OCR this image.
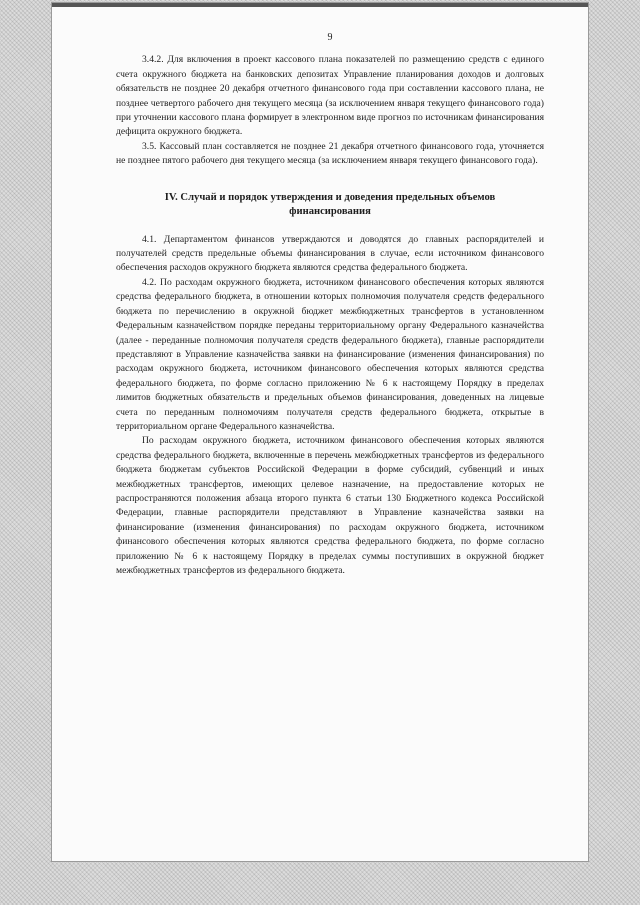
9

3.4.2. Для включения в проект кассового плана показателей по размещению средств с единого счета окружного бюджета на банковских депозитах Управление планирования доходов и долговых обязательств не позднее 20 декабря отчетного финансового года при составлении кассового плана, не позднее четвертого рабочего дня текущего месяца (за исключением января текущего финансового года) при уточнении кассового плана формирует в электронном виде прогноз по источникам финансирования дефицита окружного бюджета.

3.5. Кассовый план составляется не позднее 21 декабря отчетного финансового года, уточняется не позднее пятого рабочего дня текущего месяца (за исключением января текущего финансового года).

IV. Случай и порядок утверждения и доведения предельных объемов финансирования

4.1. Департаментом финансов утверждаются и доводятся до главных распорядителей и получателей средств предельные объемы финансирования в случае, если источником финансового обеспечения расходов окружного бюджета являются средства федерального бюджета.

4.2. По расходам окружного бюджета, источником финансового обеспечения которых являются средства федерального бюджета, в отношении которых полномочия получателя средств федерального бюджета по перечислению в окружной бюджет межбюджетных трансфертов в установленном Федеральным казначейством порядке переданы территориальному органу Федерального казначейства (далее - переданные полномочия получателя средств федерального бюджета), главные распорядители представляют в Управление казначейства заявки на финансирование (изменения финансирования) по расходам окружного бюджета, источником финансового обеспечения которых являются средства федерального бюджета, по форме согласно приложению № 6 к настоящему Порядку в пределах лимитов бюджетных обязательств и предельных объемов финансирования, доведенных на лицевые счета по переданным полномочиям получателя средств федерального бюджета, открытые в территориальном органе Федерального казначейства.

По расходам окружного бюджета, источником финансового обеспечения которых являются средства федерального бюджета, включенные в перечень межбюджетных трансфертов из федерального бюджета бюджетам субъектов Российской Федерации в форме субсидий, субвенций и иных межбюджетных трансфертов, имеющих целевое назначение, на предоставление которых не распространяются положения абзаца второго пункта 6 статьи 130 Бюджетного кодекса Российской Федерации, главные распорядители представляют в Управление казначейства заявки на финансирование (изменения финансирования) по расходам окружного бюджета, источником финансового обеспечения которых являются средства федерального бюджета, по форме согласно приложению № 6 к настоящему Порядку в пределах суммы поступивших в окружной бюджет межбюджетных трансфертов из федерального бюджета.
